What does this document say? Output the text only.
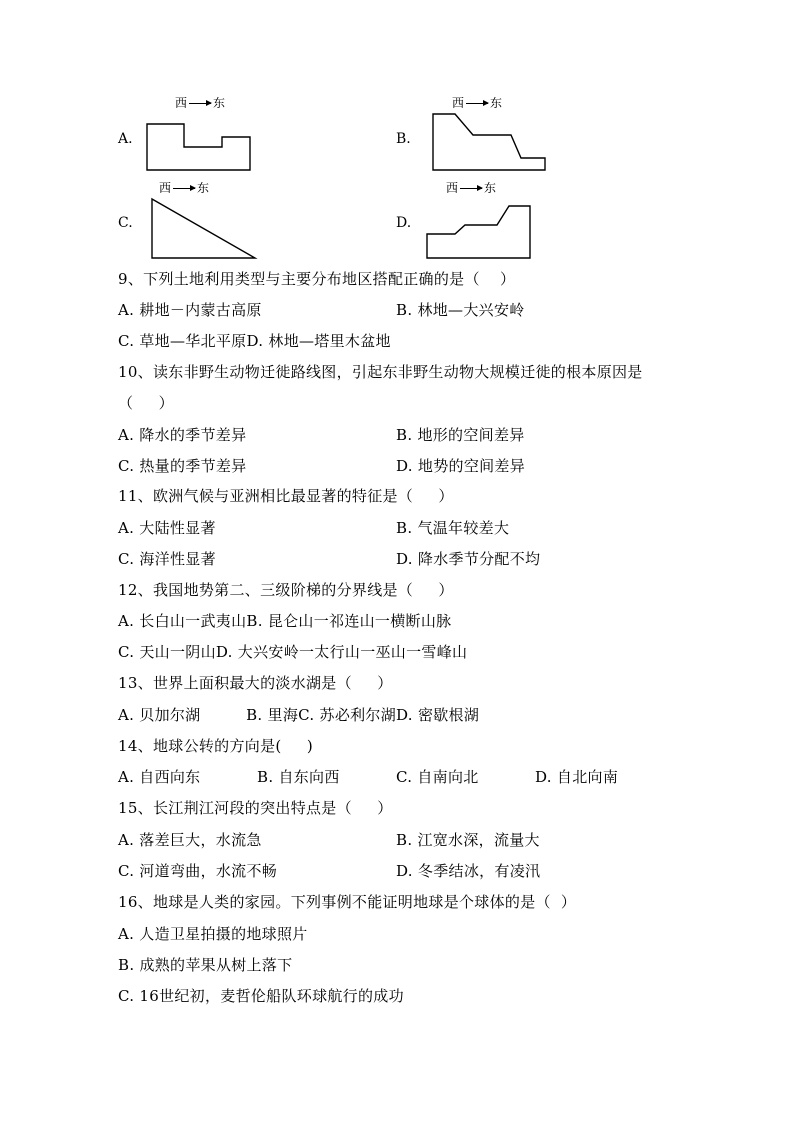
西 东
A.
西 东
B.
西 东
C.
西 东
D.
9、下列土地利用类型与主要分布地区搭配正确的是（    ）
A. 耕地－内蒙古高原	B. 林地—大兴安岭
C. 草地—华北平原D. 林地—塔里木盆地
10、读东非野生动物迁徙路线图，引起东非野生动物大规模迁徙的根本原因是
（     ）
A. 降水的季节差异	B. 地形的空间差异
C. 热量的季节差异	D. 地势的空间差异
11、欧洲气候与亚洲相比最显著的特征是（     ）
A. 大陆性显著	B. 气温年较差大
C. 海洋性显著	D. 降水季节分配不均
12、我国地势第二、三级阶梯的分界线是（     ）
A. 长白山一武夷山B. 昆仑山一祁连山一横断山脉
C. 天山一阴山D. 大兴安岭一太行山一巫山一雪峰山
13、世界上面积最大的淡水湖是（     ）
A. 贝加尔湖         B. 里海C. 苏必利尔湖D. 密歇根湖
14、地球公转的方向是(     )
A. 自西向东	B. 自东向西	C. 自南向北	D. 自北向南
15、长江荆江河段的突出特点是（     ）
A. 落差巨大，水流急	B. 江宽水深，流量大
C. 河道弯曲，水流不畅	D. 冬季结冰，有凌汛
16、地球是人类的家园。下列事例不能证明地球是个球体的是（  ）
A. 人造卫星拍摄的地球照片
B. 成熟的苹果从树上落下
C. 16世纪初，麦哲伦船队环球航行的成功
